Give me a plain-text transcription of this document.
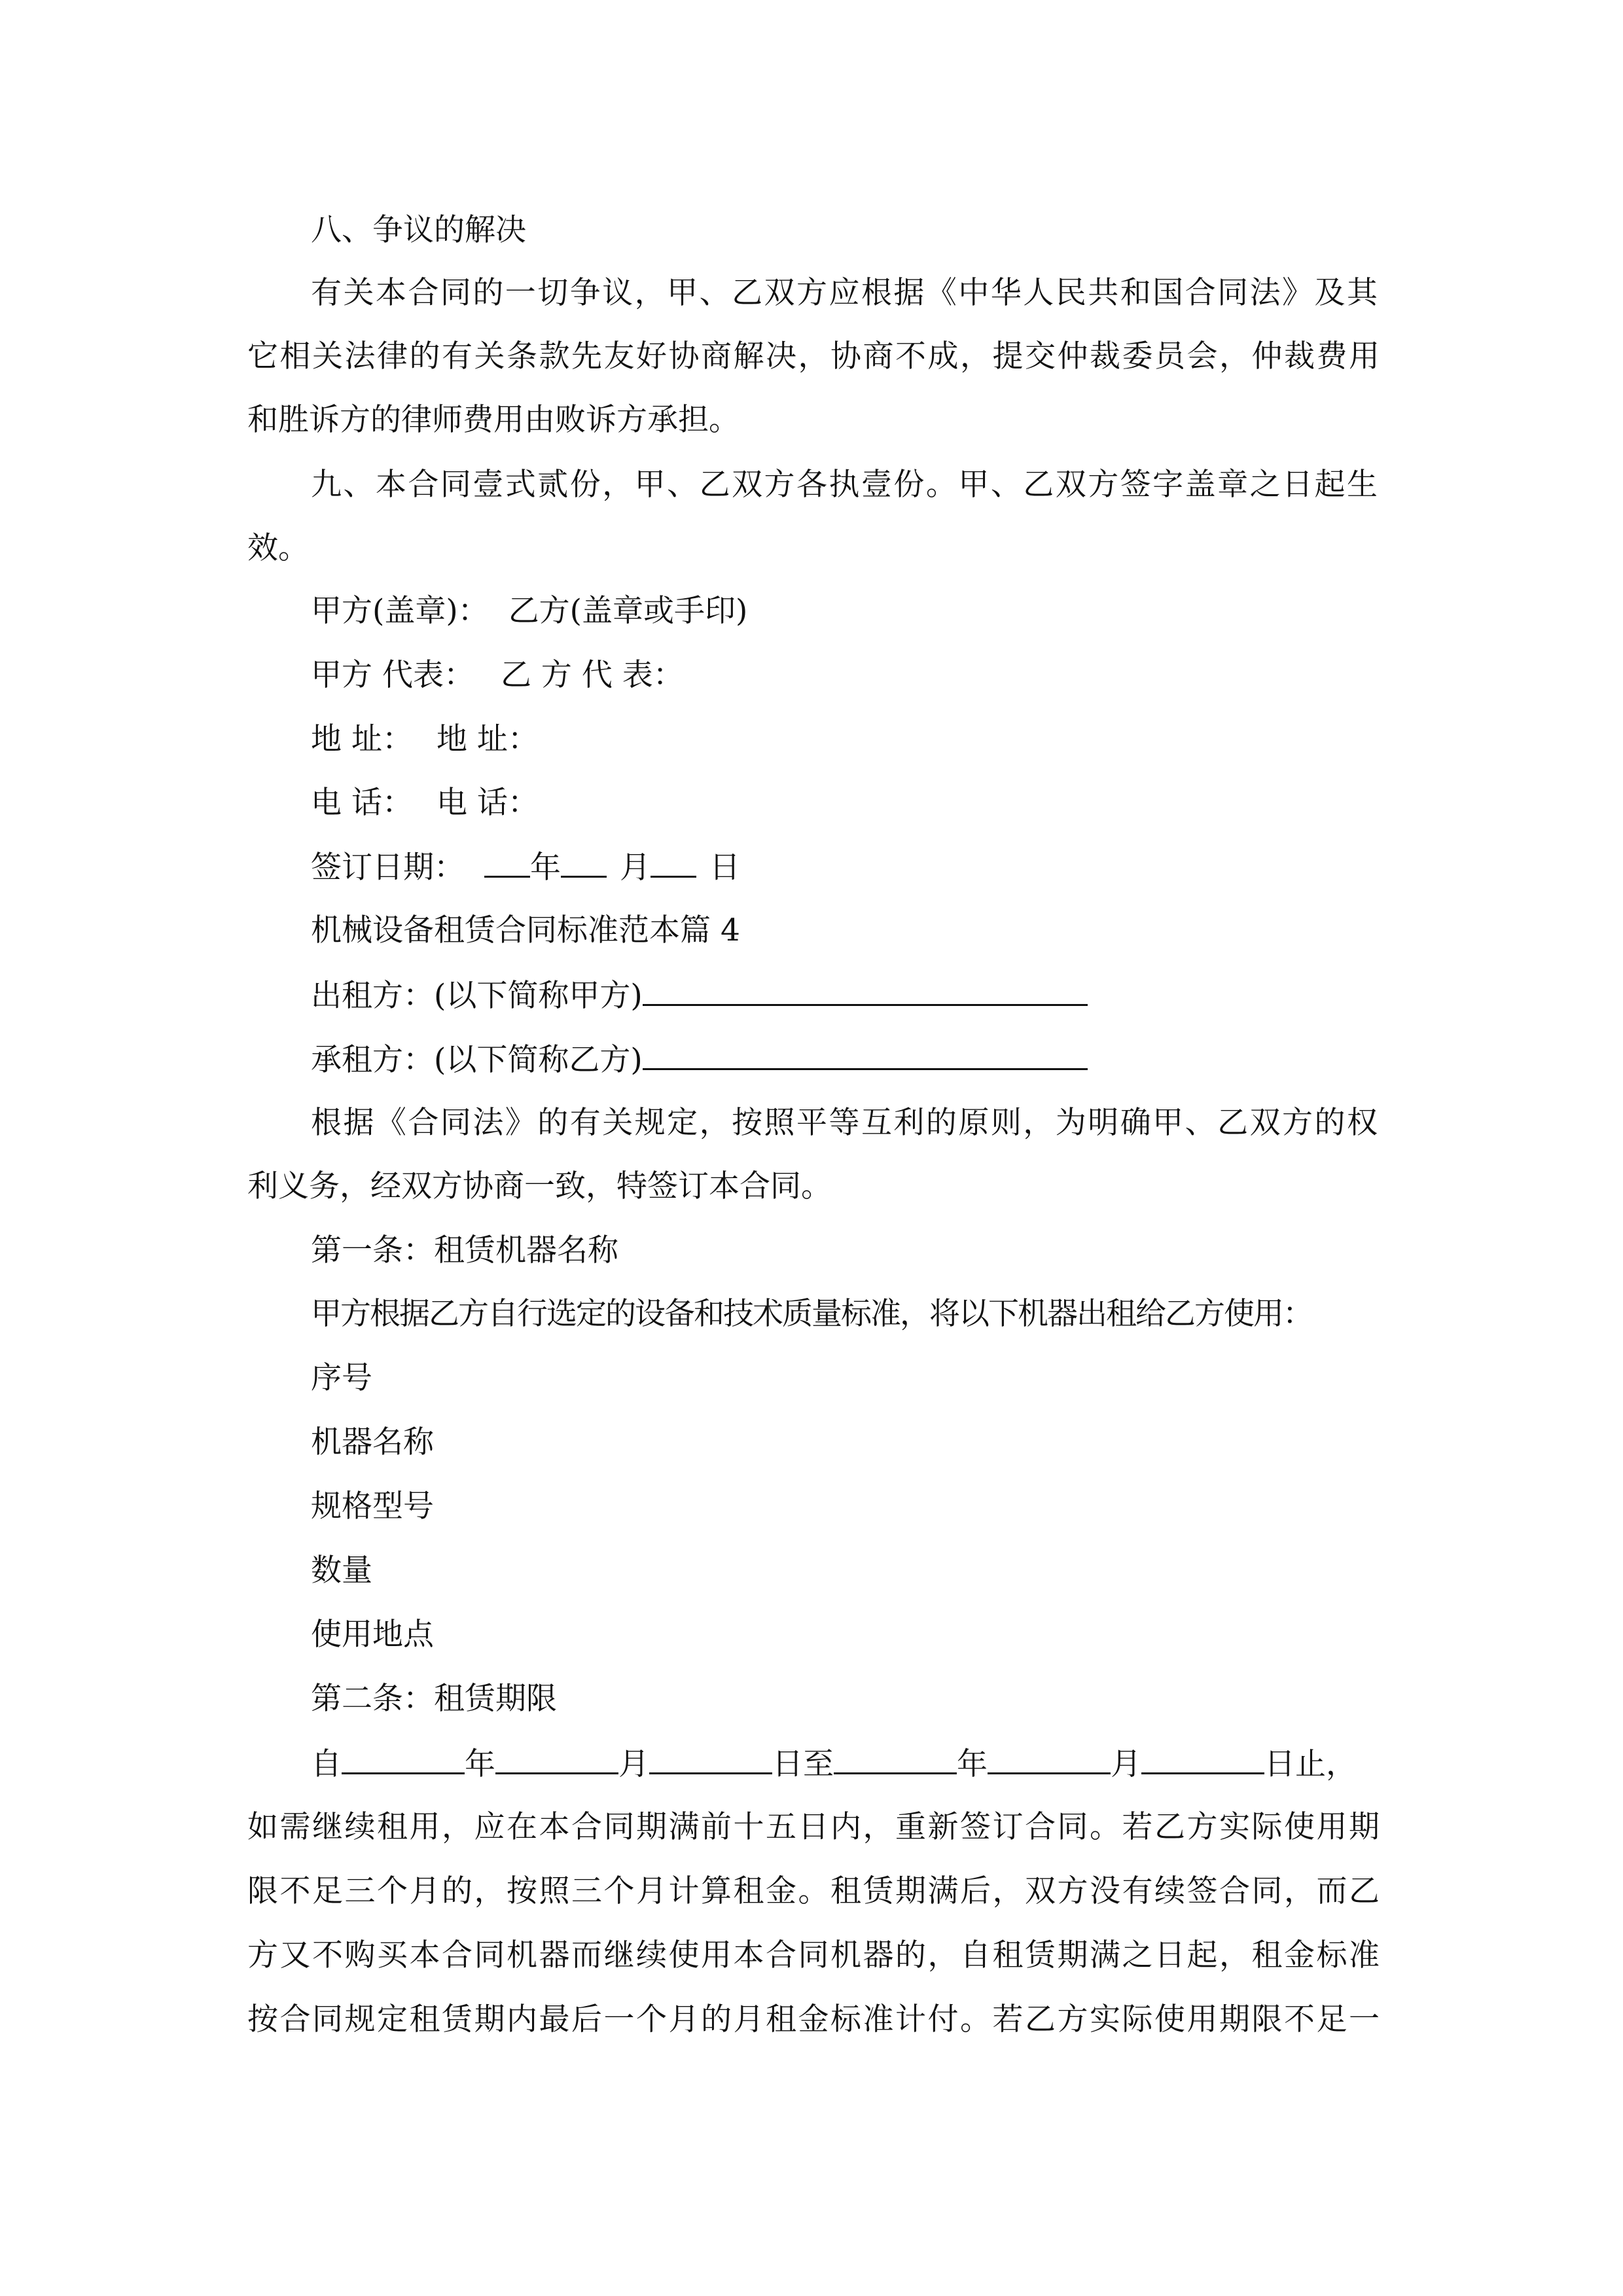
八、争议的解决
有关本合同的一切争议，甲、乙双方应根据《中华人民共和国合同法》及其
它相关法律的有关条款先友好协商解决，协商不成，提交仲裁委员会，仲裁费用
和胜诉方的律师费用由败诉方承担。
九、本合同壹式贰份，甲、乙双方各执壹份。甲、乙双方签字盖章之日起生
效。
甲方(盖章)： 乙方(盖章或手印)
甲方 代表： 乙 方 代 表：
地 址： 地 址：
电 话： 电 话：
签订日期： 年 月 日
机械设备租赁合同标准范本篇 4
出租方：(以下简称甲方)
承租方：(以下简称乙方)
根据《合同法》的有关规定，按照平等互利的原则，为明确甲、乙双方的权
利义务，经双方协商一致，特签订本合同。
第一条：租赁机器名称
甲方根据乙方自行选定的设备和技术质量标准，将以下机器出租给乙方使用：
序号
机器名称
规格型号
数量
使用地点
第二条：租赁期限
自	年	月	日至	年	月	日止，
如需继续租用，应在本合同期满前十五日内，重新签订合同。若乙方实际使用期
限不足三个月的，按照三个月计算租金。租赁期满后，双方没有续签合同，而乙
方又不购买本合同机器而继续使用本合同机器的，自租赁期满之日起，租金标准
按合同规定租赁期内最后一个月的月租金标准计付。若乙方实际使用期限不足一
